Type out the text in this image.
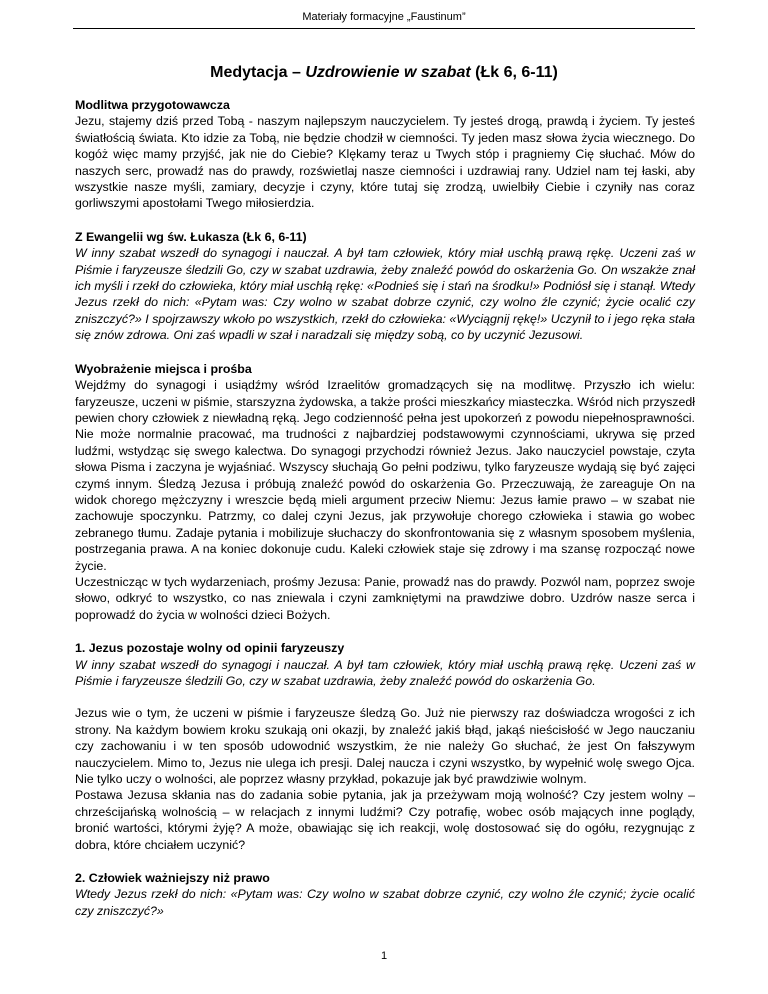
Materiały formacyjne „Faustinum”
Medytacja – Uzdrowienie w szabat (Łk 6, 6-11)
Modlitwa przygotowawcza
Jezu, stajemy dziś przed Tobą - naszym najlepszym nauczycielem. Ty jesteś drogą, prawdą i życiem. Ty jesteś światłością świata. Kto idzie za Tobą, nie będzie chodził w ciemności. Ty jeden masz słowa życia wiecznego. Do kogóż więc mamy przyjść, jak nie do Ciebie? Klękamy teraz u Twych stóp i pragniemy Cię słuchać. Mów do naszych serc, prowadź nas do prawdy, rozświetlaj nasze ciemności i uzdrawiaj rany. Udziel nam tej łaski, aby wszystkie nasze myśli, zamiary, decyzje i czyny, które tutaj się zrodzą, uwielbiły Ciebie i czyniły nas coraz gorliwszymi apostołami Twego miłosierdzia.
Z Ewangelii wg św. Łukasza (Łk 6, 6-11)
W inny szabat wszedł do synagogi i nauczał. A był tam człowiek, który miał uschłą prawą rękę. Uczeni zaś w Piśmie i faryzeusze śledzili Go, czy w szabat uzdrawia, żeby znaleźć powód do oskarżenia Go. On wszakże znał ich myśli i rzekł do człowieka, który miał uschłą rękę: «Podnieś się i stań na środku!» Podniósł się i stanął. Wtedy Jezus rzekł do nich: «Pytam was: Czy wolno w szabat dobrze czynić, czy wolno źle czynić; życie ocalić czy zniszczyć?» I spojrzawszy wkoło po wszystkich, rzekł do człowieka: «Wyciągnij rękę!» Uczynił to i jego ręka stała się znów zdrowa. Oni zaś wpadli w szał i naradzali się między sobą, co by uczynić Jezusowi.
Wyobrażenie miejsca i prośba
Wejdźmy do synagogi i usiądźmy wśród Izraelitów gromadzących się na modlitwę. Przyszło ich wielu: faryzeusze, uczeni w piśmie, starszyzna żydowska, a także prości mieszkańcy miasteczka. Wśród nich przyszedł pewien chory człowiek z niewładną ręką. Jego codzienność pełna jest upokorzeń z powodu niepełnosprawności. Nie może normalnie pracować, ma trudności z najbardziej podstawowymi czynnościami, ukrywa się przed ludźmi, wstydząc się swego kalectwa. Do synagogi przychodzi również Jezus. Jako nauczyciel powstaje, czyta słowa Pisma i zaczyna je wyjaśniać. Wszyscy słuchają Go pełni podziwu, tylko faryzeusze wydają się być zajęci czymś innym. Śledzą Jezusa i próbują znaleźć powód do oskarżenia Go. Przeczuwają, że zareaguje On na widok chorego mężczyzny i wreszcie będą mieli argument przeciw Niemu: Jezus łamie prawo – w szabat nie zachowuje spoczynku. Patrzmy, co dalej czyni Jezus, jak przywołuje chorego człowieka i stawia go wobec zebranego tłumu. Zadaje pytania i mobilizuje słuchaczy do skonfrontowania się z własnym sposobem myślenia, postrzegania prawa. A na koniec dokonuje cudu. Kaleki człowiek staje się zdrowy i ma szansę rozpocząć nowe życie.
Uczestnicząc w tych wydarzeniach, prośmy Jezusa: Panie, prowadź nas do prawdy. Pozwól nam, poprzez swoje słowo, odkryć to wszystko, co nas zniewala i czyni zamkniętymi na prawdziwe dobro. Uzdrów nasze serca i poprowadź do życia w wolności dzieci Bożych.
1. Jezus pozostaje wolny od opinii faryzeuszy
W inny szabat wszedł do synagogi i nauczał. A był tam człowiek, który miał uschłą prawą rękę. Uczeni zaś w Piśmie i faryzeusze śledzili Go, czy w szabat uzdrawia, żeby znaleźć powód do oskarżenia Go.
Jezus wie o tym, że uczeni w piśmie i faryzeusze śledzą Go. Już nie pierwszy raz doświadcza wrogości z ich strony. Na każdym bowiem kroku szukają oni okazji, by znaleźć jakiś błąd, jakąś nieścisłość w Jego nauczaniu czy zachowaniu i w ten sposób udowodnić wszystkim, że nie należy Go słuchać, że jest On fałszywym nauczycielem. Mimo to, Jezus nie ulega ich presji. Dalej naucza i czyni wszystko, by wypełnić wolę swego Ojca. Nie tylko uczy o wolności, ale poprzez własny przykład, pokazuje jak być prawdziwie wolnym.
Postawa Jezusa skłania nas do zadania sobie pytania, jak ja przeżywam moją wolność? Czy jestem wolny – chrześcijańską wolnością – w relacjach z innymi ludźmi? Czy potrafię, wobec osób mających inne poglądy, bronić wartości, którymi żyję? A może, obawiając się ich reakcji, wolę dostosować się do ogółu, rezygnując z dobra, które chciałem uczynić?
2. Człowiek ważniejszy niż prawo
Wtedy Jezus rzekł do nich: «Pytam was: Czy wolno w szabat dobrze czynić, czy wolno źle czynić; życie ocalić czy zniszczyć?»
1
